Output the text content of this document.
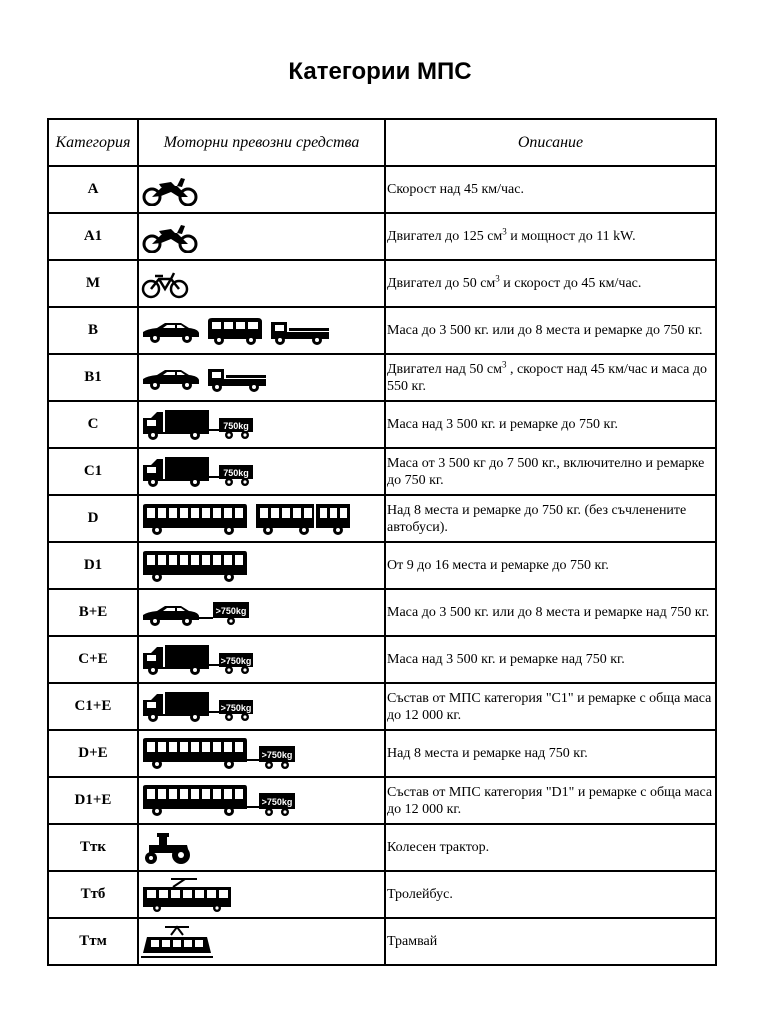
Категории МПС
Категория	Моторни превозни средства	Описание
A		Скорост над 45 км/час.
A1		Двигател до 125 $см^3$ и мощност до 11 kW.
M		Двигател до 50 $см^3$ и скорост до 45 км/час.
B		Маса до 3 500 кг. или до 8 места и ремарке до 750 кг.
B1		Двигател над 50 $см^3$ , скорост над 45 км/час и маса до 550 кг.
C	750kg	Маса над 3 500 кг. и ремарке до 750 кг.
C1	750kg	Маса от 3 500 кг до 7 500 кг., включително и ремарке до 750 кг.
D		Над 8 места и ремарке до 750 кг. (без съчленените автобуси).
D1		От 9 до 16 места и ремарке до 750 кг.
B+E	>750kg	Маса до 3 500 кг. или до 8 места и ремарке над 750 кг.
C+E	>750kg	Маса над 3 500 кг. и ремарке над 750 кг.
C1+E	>750kg	Състав от МПС категория "C1" и ремарке с обща маса до 12 000 кг.
D+E	>750kg	Над 8 места и ремарке над 750 кг.
D1+E	>750kg	Състав от МПС категория "D1" и ремарке с обща маса до 12 000 кг.
Ттк		Колесен трактор.
Ттб		Тролейбус.
Ттм		Трамвай
